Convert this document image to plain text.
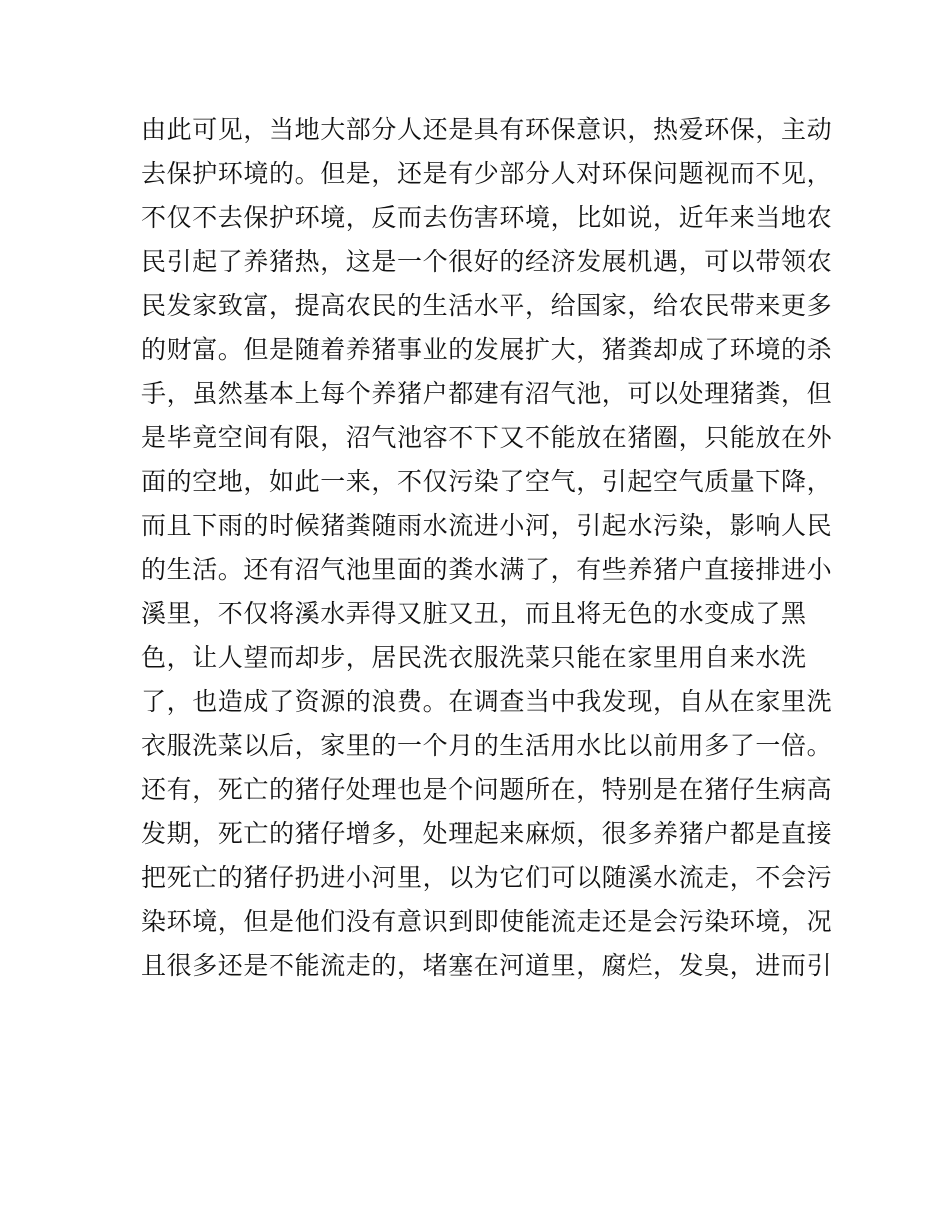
由此可见，当地大部分人还是具有环保意识，热爱环保，主动
去保护环境的。但是，还是有少部分人对环保问题视而不见，
不仅不去保护环境，反而去伤害环境，比如说，近年来当地农
民引起了养猪热，这是一个很好的经济发展机遇，可以带领农
民发家致富，提高农民的生活水平，给国家，给农民带来更多
的财富。但是随着养猪事业的发展扩大，猪粪却成了环境的杀
手，虽然基本上每个养猪户都建有沼气池，可以处理猪粪，但
是毕竟空间有限，沼气池容不下又不能放在猪圈，只能放在外
面的空地，如此一来，不仅污染了空气，引起空气质量下降，
而且下雨的时候猪粪随雨水流进小河，引起水污染，影响人民
的生活。还有沼气池里面的粪水满了，有些养猪户直接排进小
溪里，不仅将溪水弄得又脏又丑，而且将无色的水变成了黑
色，让人望而却步，居民洗衣服洗菜只能在家里用自来水洗
了，也造成了资源的浪费。在调查当中我发现，自从在家里洗
衣服洗菜以后，家里的一个月的生活用水比以前用多了一倍。
还有，死亡的猪仔处理也是个问题所在，特别是在猪仔生病高
发期，死亡的猪仔增多，处理起来麻烦，很多养猪户都是直接
把死亡的猪仔扔进小河里，以为它们可以随溪水流走，不会污
染环境，但是他们没有意识到即使能流走还是会污染环境，况
且很多还是不能流走的，堵塞在河道里，腐烂，发臭，进而引
